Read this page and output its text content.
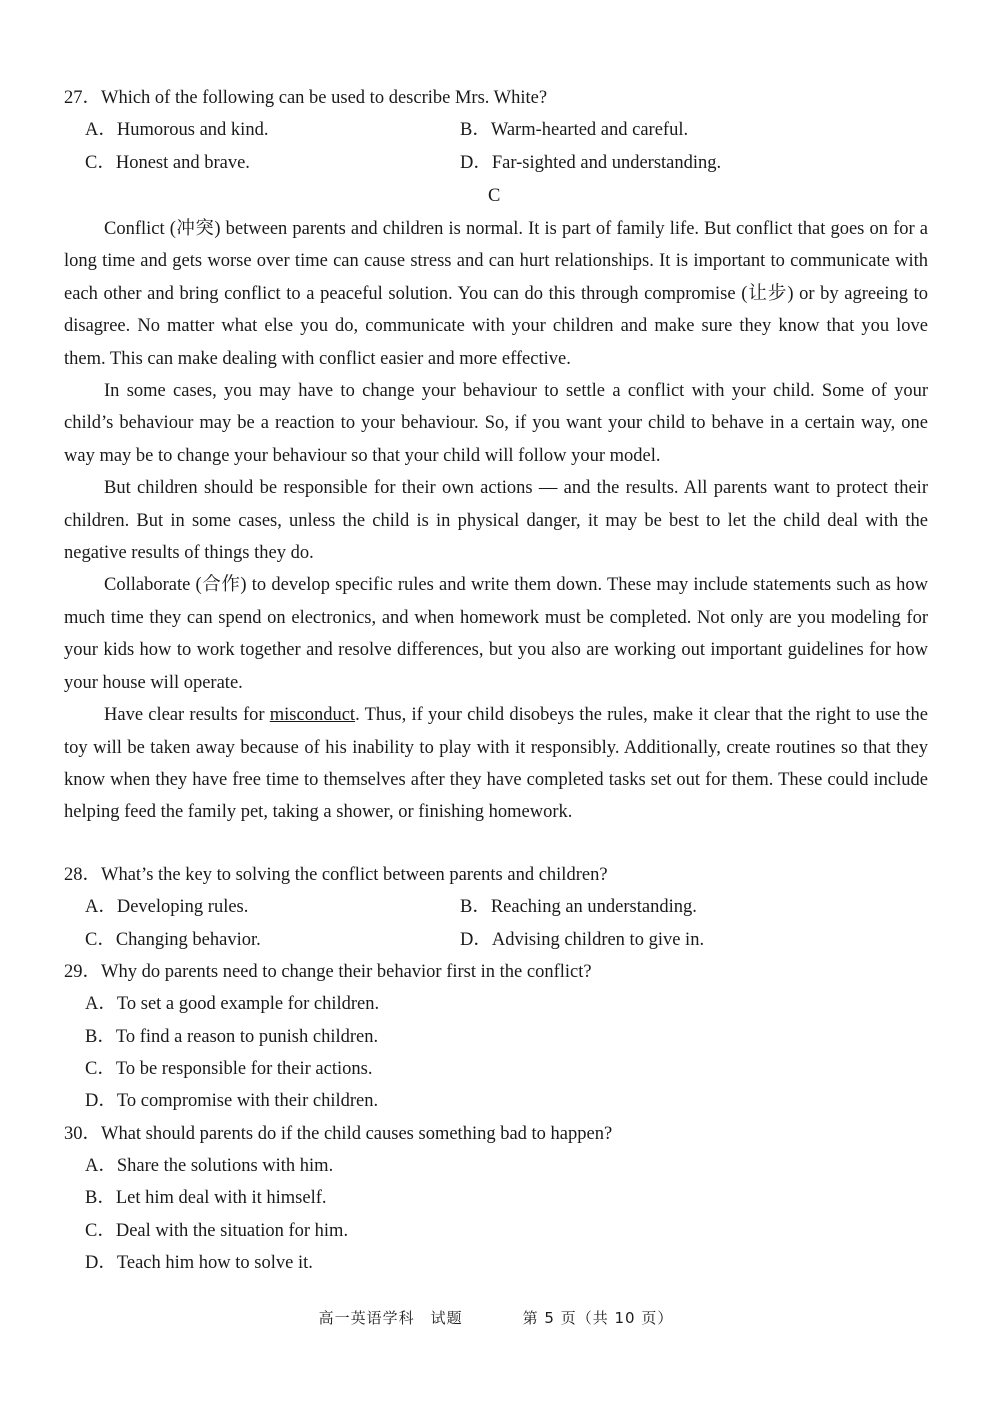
27．Which of the following can be used to describe Mrs. White?
A．Humorous and kind.	B．Warm-hearted and careful.
C．Honest and brave.	D．Far-sighted and understanding.
C

Conflict (冲突) between parents and children is normal. It is part of family life. But conflict that goes on for a long time and gets worse over time can cause stress and can hurt relationships. It is important to communicate with each other and bring conflict to a peaceful solution. You can do this through compromise (让步) or by agreeing to disagree. No matter what else you do, communicate with your children and make sure they know that you love them. This can make dealing with conflict easier and more effective.

In some cases, you may have to change your behaviour to settle a conflict with your child. Some of your child’s behaviour may be a reaction to your behaviour. So, if you want your child to behave in a certain way, one way may be to change your behaviour so that your child will follow your model.

But children should be responsible for their own actions — and the results. All parents want to protect their children. But in some cases, unless the child is in physical danger, it may be best to let the child deal with the negative results of things they do.

Collaborate (合作) to develop specific rules and write them down. These may include statements such as how much time they can spend on electronics, and when homework must be completed. Not only are you modeling for your kids how to work together and resolve differences, but you also are working out important guidelines for how your house will operate.

Have clear results for misconduct. Thus, if your child disobeys the rules, make it clear that the right to use the toy will be taken away because of his inability to play with it responsibly. Additionally, create routines so that they know when they have free time to themselves after they have completed tasks set out for them. These could include helping feed the family pet, taking a shower, or finishing homework.

28．What’s the key to solving the conflict between parents and children?
A．Developing rules.	B．Reaching an understanding.
C．Changing behavior.	D．Advising children to give in.
29．Why do parents need to change their behavior first in the conflict?
A．To set a good example for children.
B．To find a reason to punish children.
C．To be responsible for their actions.
D．To compromise with their children.
30．What should parents do if the child causes something bad to happen?
A．Share the solutions with him.
B．Let him deal with it himself.
C．Deal with the situation for him.
D．Teach him how to solve it.
高一英语学科　试题	第 5 页（共 10 页）
